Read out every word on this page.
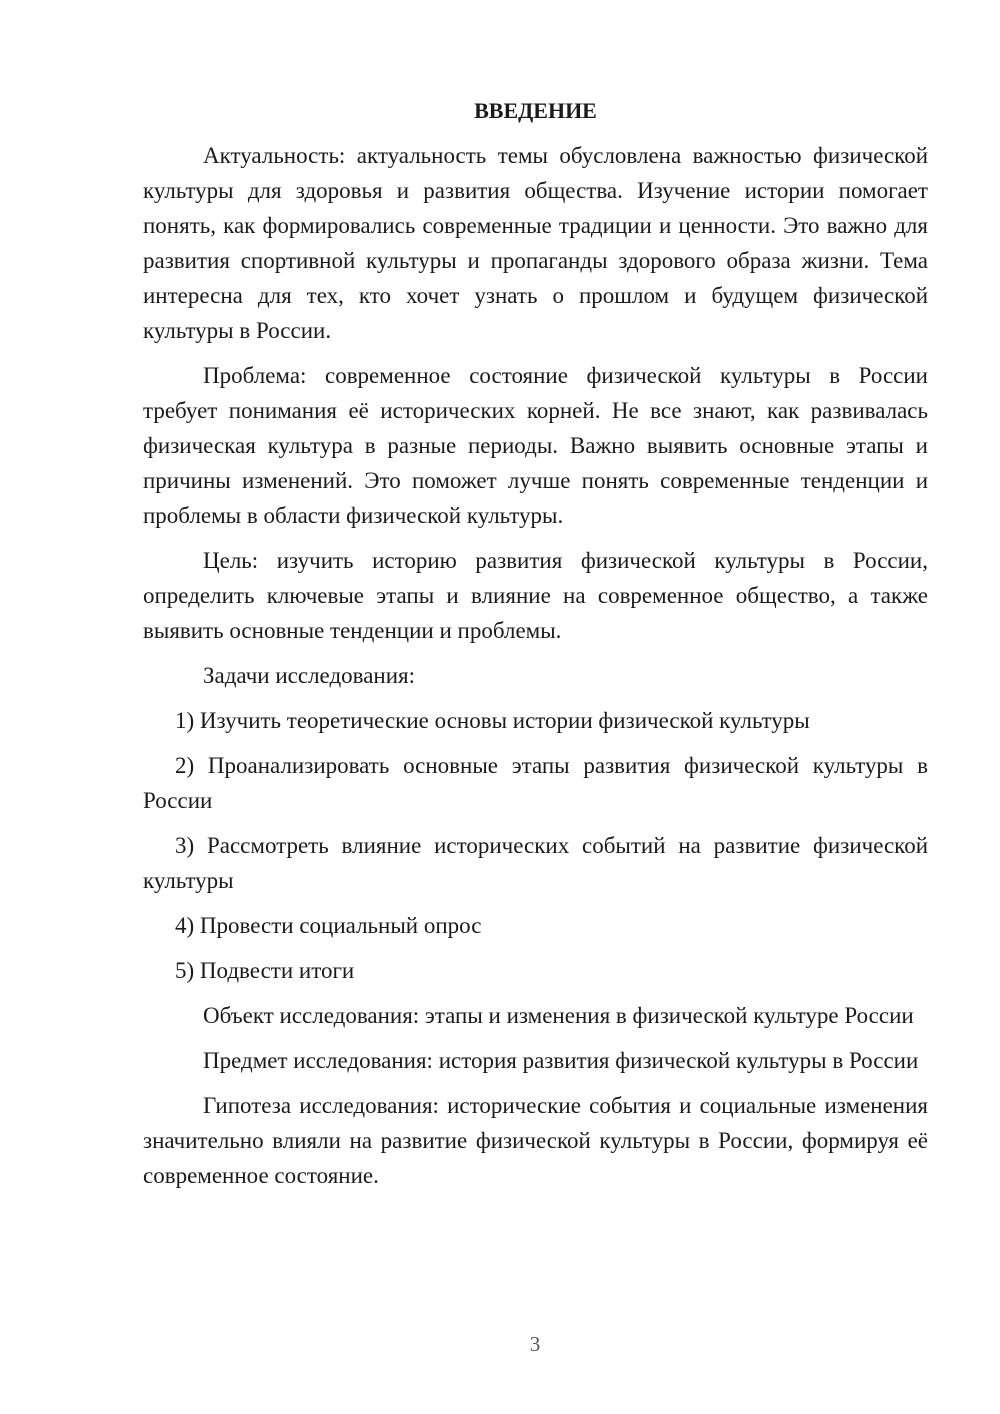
ВВЕДЕНИЕ

Актуальность: актуальность темы обусловлена важностью физической культуры для здоровья и развития общества. Изучение истории помогает понять, как формировались современные традиции и ценности. Это важно для развития спортивной культуры и пропаганды здорового образа жизни. Тема интересна для тех, кто хочет узнать о прошлом и будущем физической культуры в России.

Проблема: современное состояние физической культуры в России требует понимания её исторических корней. Не все знают, как развивалась физическая культура в разные периоды. Важно выявить основные этапы и причины изменений. Это поможет лучше понять современные тенденции и проблемы в области физической культуры.

Цель: изучить историю развития физической культуры в России, определить ключевые этапы и влияние на современное общество, а также выявить основные тенденции и проблемы.

Задачи исследования:

1) Изучить теоретические основы истории физической культуры

2) Проанализировать основные этапы развития физической культуры в России

3) Рассмотреть влияние исторических событий на развитие физической культуры

4) Провести социальный опрос

5) Подвести итоги

Объект исследования: этапы и изменения в физической культуре России

Предмет исследования: история развития физической культуры в России

Гипотеза исследования: исторические события и социальные изменения значительно влияли на развитие физической культуры в России, формируя её современное состояние.

3
